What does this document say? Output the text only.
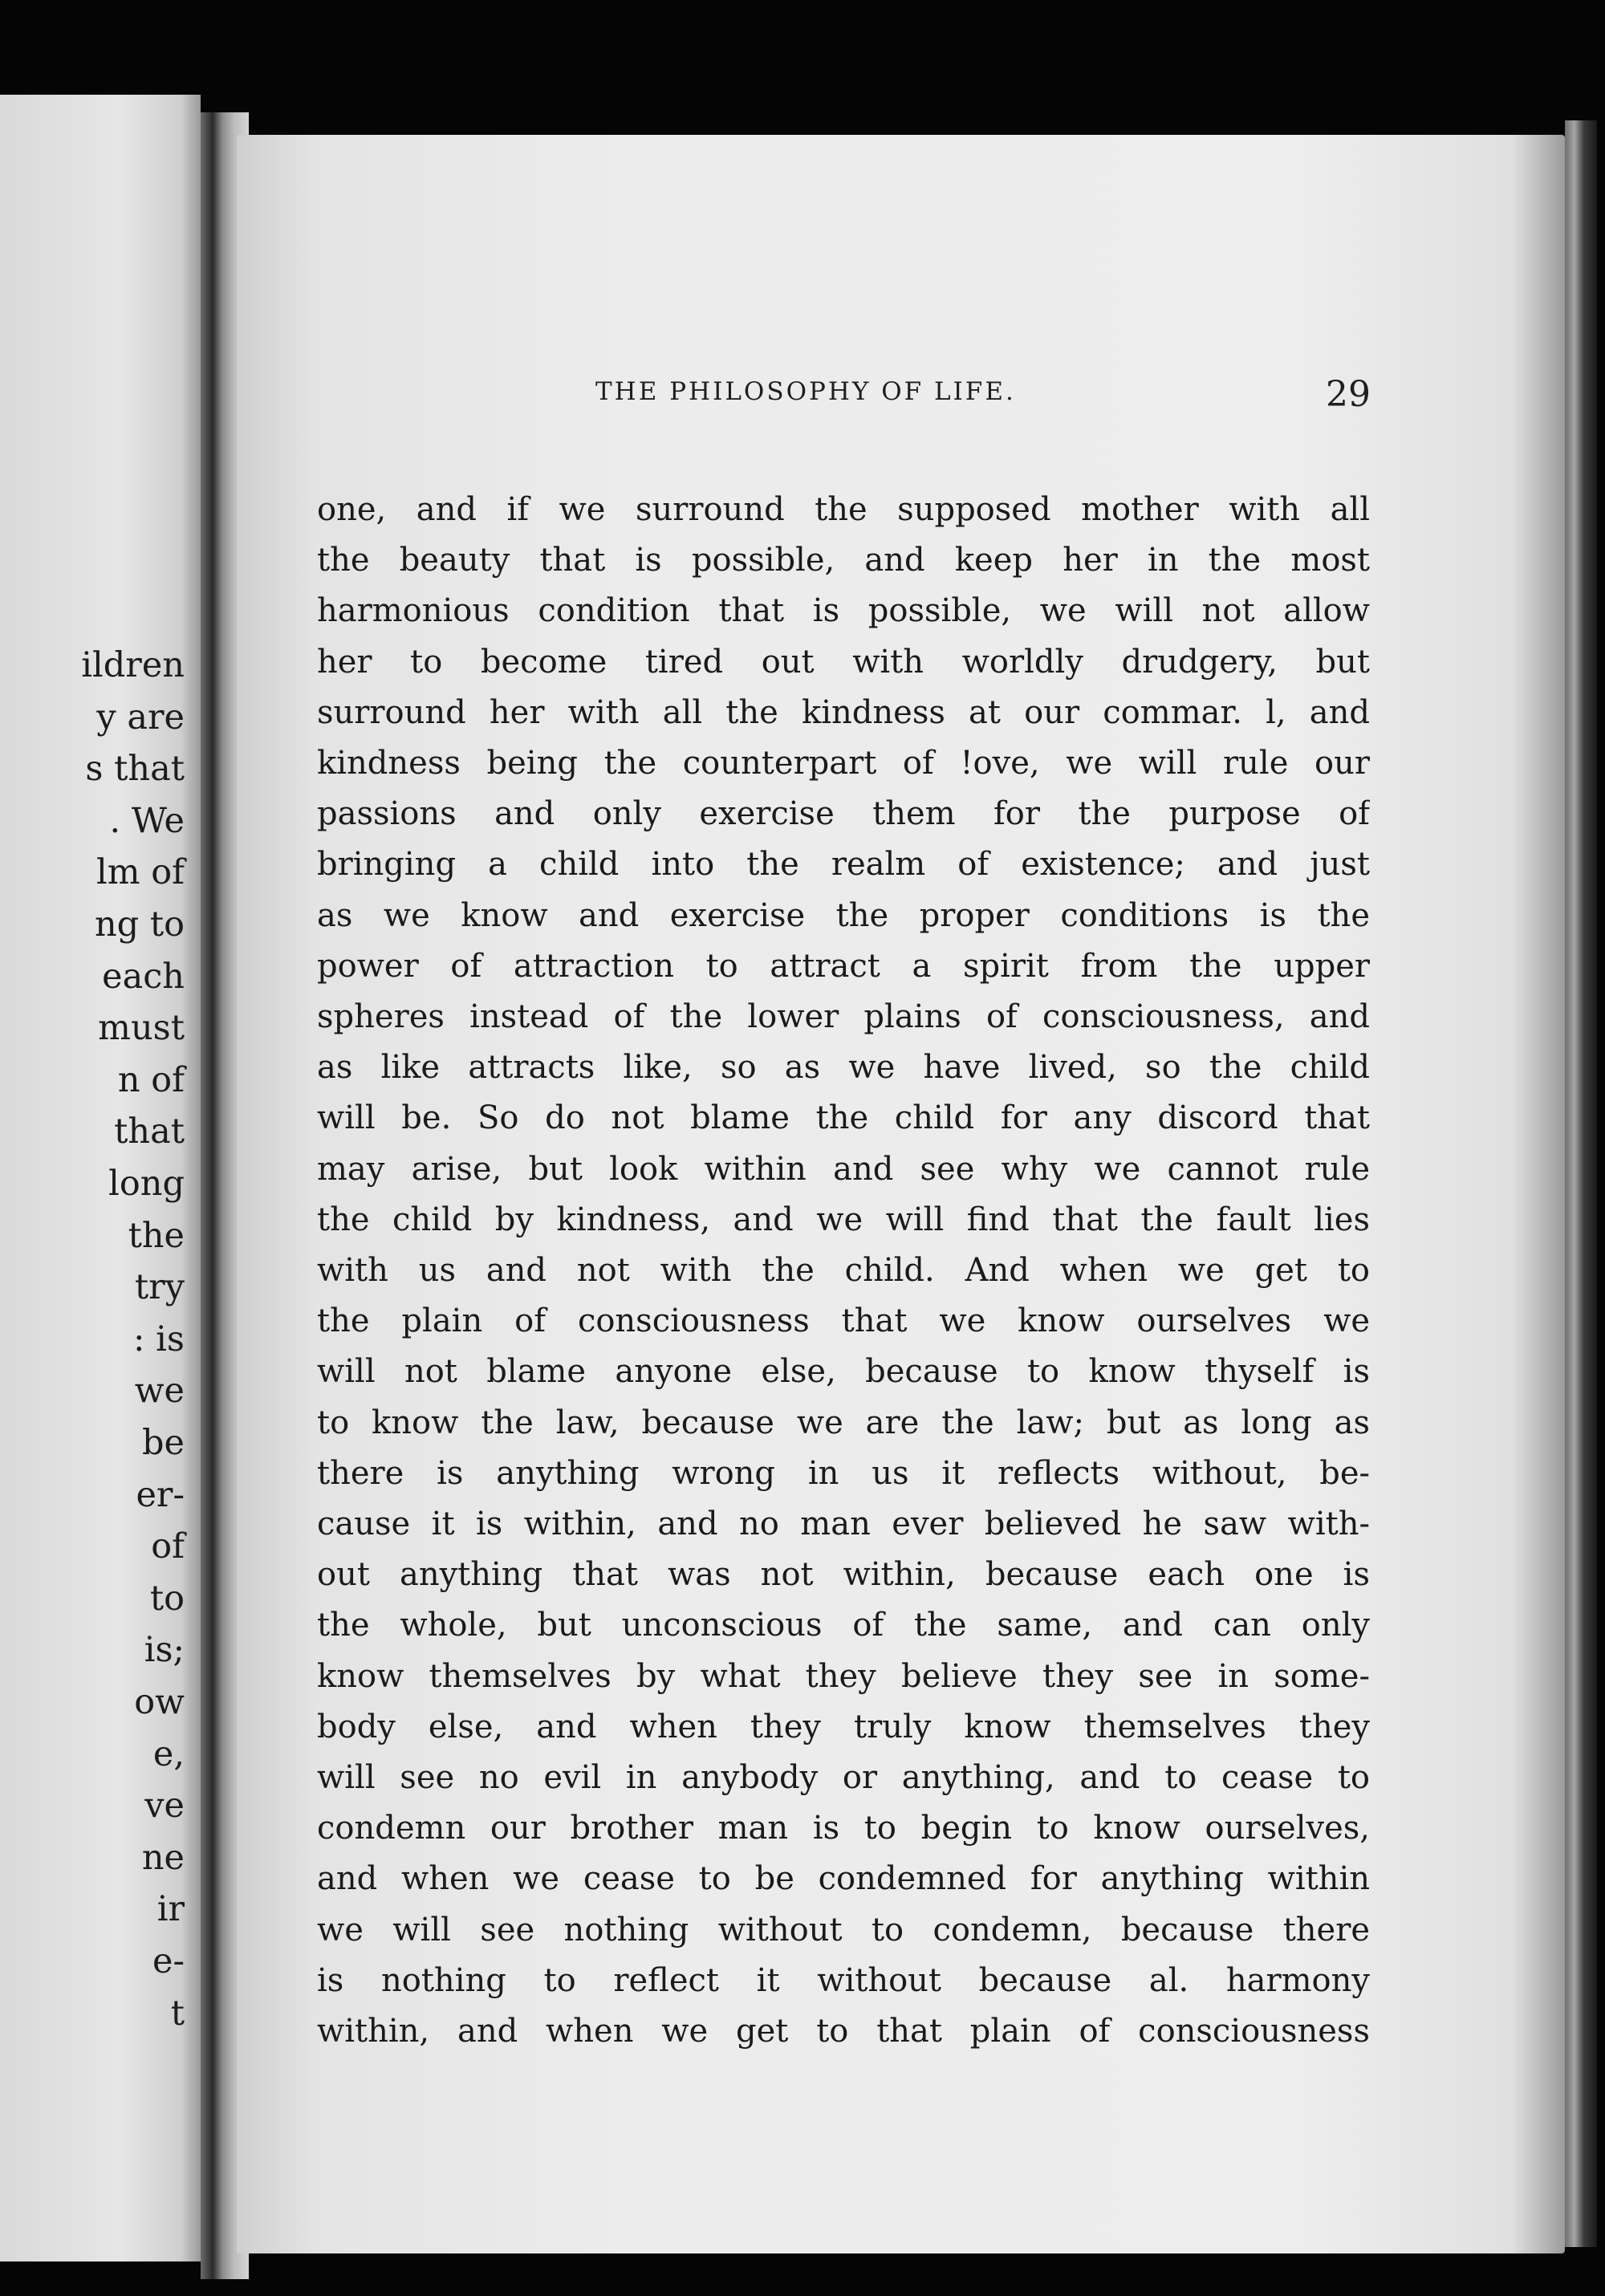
ildren
y are
s that
. We
lm of
ng to
each
must
n of
that
long
the
try
: is
we
be
er-
of
to
is;
ow
e,
ve
ne
ir
e-
t
THE PHILOSOPHY OF LIFE.	29
one, and if we surround the supposed mother with all
the beauty that is possible, and keep her in the most
harmonious condition that is possible, we will not allow
her to become tired out with worldly drudgery, but
surround her with all the kindness at our commar. l, and
kindness being the counterpart of !ove, we will rule our
passions and only exercise them for the purpose of
bringing a child into the realm of existence; and just
as we know and exercise the proper conditions is the
power of attraction to attract a spirit from the upper
spheres instead of the lower plains of consciousness, and
as like attracts like, so as we have lived, so the child
will be. So do not blame the child for any discord that
may arise, but look within and see why we cannot rule
the child by kindness, and we will find that the fault lies
with us and not with the child. And when we get to
the plain of consciousness that we know ourselves we
will not blame anyone else, because to know thyself is
to know the law, because we are the law; but as long as
there is anything wrong in us it reflects without, be-
cause it is within, and no man ever believed he saw with-
out anything that was not within, because each one is
the whole, but unconscious of the same, and can only
know themselves by what they believe they see in some-
body else, and when they truly know themselves they
will see no evil in anybody or anything, and to cease to
condemn our brother man is to begin to know ourselves,
and when we cease to be condemned for anything within
we will see nothing without to condemn, because there
is nothing to reflect it without because al. harmony
within, and when we get to that plain of consciousness
